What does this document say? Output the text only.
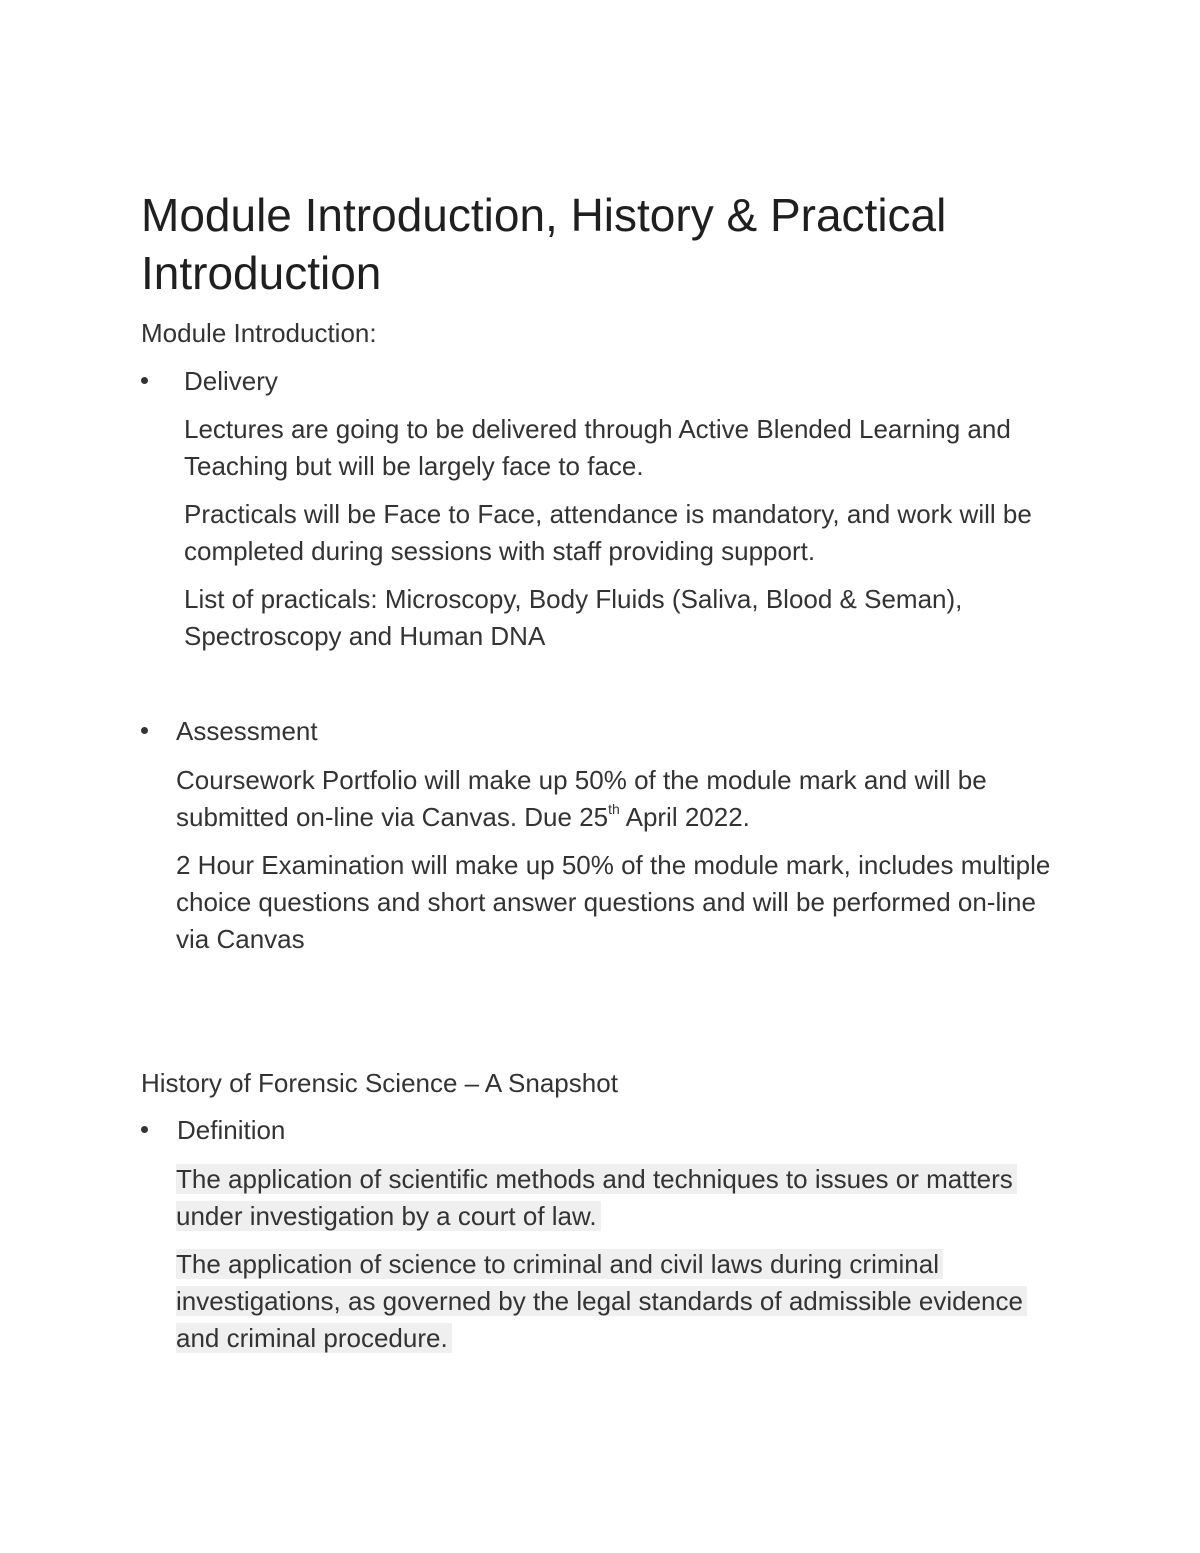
Module Introduction, History & Practical Introduction

Module Introduction:

Delivery

Lectures are going to be delivered through Active Blended Learning and Teaching but will be largely face to face.

Practicals will be Face to Face, attendance is mandatory, and work will be completed during sessions with staff providing support.

List of practicals: Microscopy, Body Fluids (Saliva, Blood & Seman), Spectroscopy and Human DNA

Assessment

Coursework Portfolio will make up 50% of the module mark and will be submitted on-line via Canvas. Due 25th April 2022.

2 Hour Examination will make up 50% of the module mark, includes multiple choice questions and short answer questions and will be performed on-line via Canvas

History of Forensic Science – A Snapshot

Definition

The application of scientific methods and techniques to issues or matters under investigation by a court of law.

The application of science to criminal and civil laws during criminal investigations, as governed by the legal standards of admissible evidence and criminal procedure.
